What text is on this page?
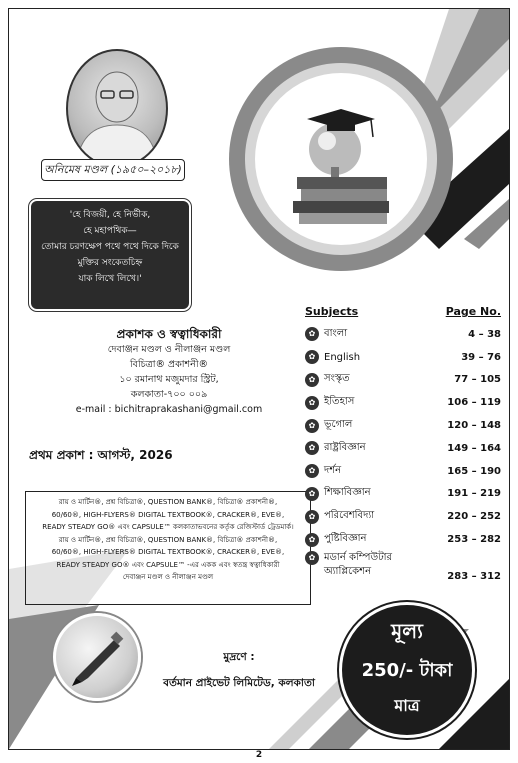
অনিমেষ মণ্ডল (১৯৫০–২০১৮)
'হে বিজয়ী, হে নির্ভীক,
হে মহাপথিক—
তোমার চরণক্ষেপ পথে পথে দিকে দিকে
মুক্তির সংকেতচিহ্ন
যাক লিখে লিখে।'
প্রকাশক ও স্বত্বাধিকারী
দেবাঞ্জন মণ্ডল ও নীলাঞ্জন মণ্ডল
বিচিত্রা® প্রকাশনী®
১০ রমানাথ মজুমদার স্ট্রিট,
কলকাতা-৭০০ ০০৯
e-mail : bichitraprakashani@gmail.com
প্রথম প্রকাশ : আগস্ট, 2026

রায় ও মার্টিন®, প্রশ্ন বিচিত্রা®, QUESTION BANK®, বিচিত্রা® প্রকাশনী®,

60/60®, HIGH-FLYERS® DIGITAL TEXTBOOK®, CRACKER®, EVE®,

READY STEADY GO® এবং CAPSULE™ কলকাতাভবনের কর্তৃক রেজিস্টার্ড ট্রেডমার্ক।

রায় ও মার্টিন®, প্রশ্ন বিচিত্রা®, QUESTION BANK®, বিচিত্রা® প্রকাশনী®,

60/60®, HIGH-FLYERS® DIGITAL TEXTBOOK®, CRACKER®, EVE®,

READY STEADY GO® এবং CAPSULE™ -এর একক এবং স্বতন্ত্র স্বত্বাধিকারী

দেবাঞ্জন মণ্ডল ও নীলাঞ্জন মণ্ডল

Subjects	Page No.
✿ বাংলা	4 – 38
✿ English	39 – 76
✿ সংস্কৃত	77 – 105
✿ ইতিহাস	106 – 119
✿ ভূগোল	120 – 148
✿ রাষ্ট্রবিজ্ঞান	149 – 164
✿ দর্শন	165 – 190
✿ শিক্ষাবিজ্ঞান	191 – 219
✿ পরিবেশবিদ্যা	220 – 252
✿ পুষ্টিবিজ্ঞান	253 – 282
✿ মডার্ন কম্পিউটার
অ্যাপ্লিকেশন	283 – 312
মুদ্রণে :
বর্তমান প্রাইভেট লিমিটেড, কলকাতা
মূল্য
250/- টাকা
মাত্র
2
